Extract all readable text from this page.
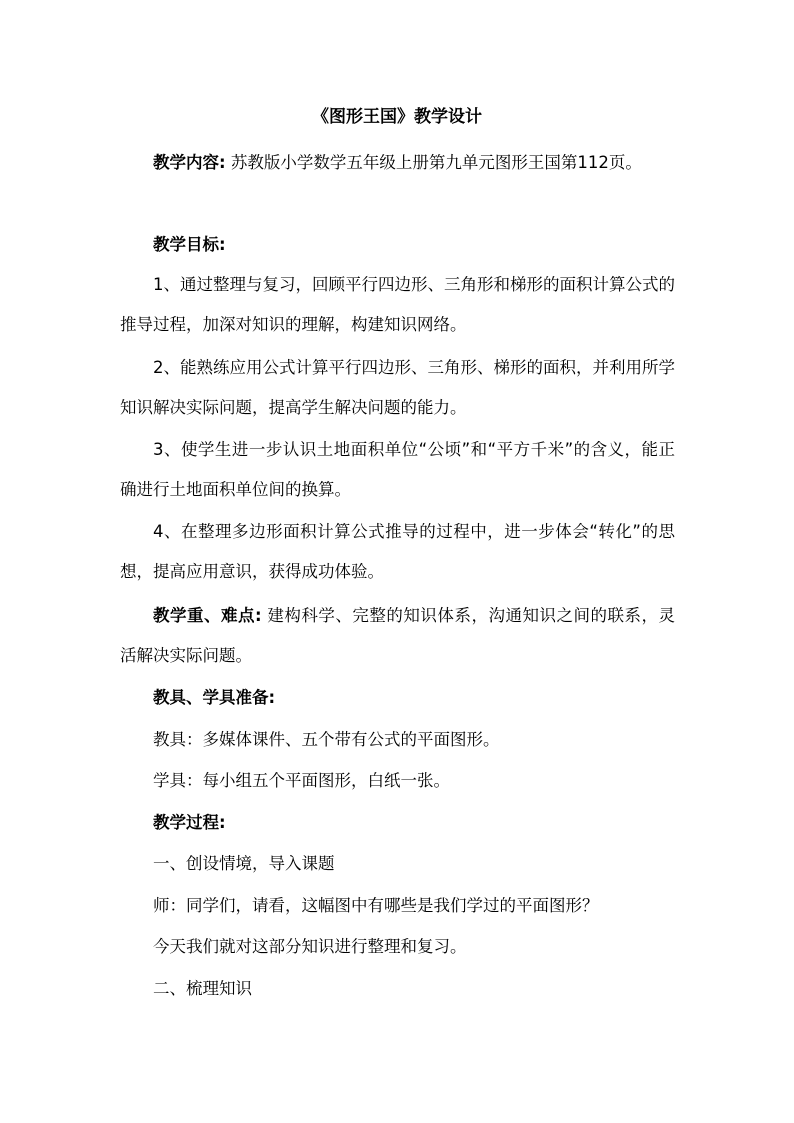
《图形王国》教学设计

教学内容: 苏教版小学数学五年级上册第九单元图形王国第112页。

教学目标:

1、通过整理与复习，回顾平行四边形、三角形和梯形的面积计算公式的推导过程，加深对知识的理解，构建知识网络。

2、能熟练应用公式计算平行四边形、三角形、梯形的面积，并利用所学知识解决实际问题，提高学生解决问题的能力。

3、使学生进一步认识土地面积单位“公顷”和“平方千米”的含义，能正确进行土地面积单位间的换算。

4、在整理多边形面积计算公式推导的过程中，进一步体会“转化”的思想，提高应用意识，获得成功体验。

教学重、难点: 建构科学、完整的知识体系，沟通知识之间的联系，灵活解决实际问题。

教具、学具准备:

教具：多媒体课件、五个带有公式的平面图形。

学具：每小组五个平面图形，白纸一张。

教学过程:

一、创设情境，导入课题

师：同学们，请看，这幅图中有哪些是我们学过的平面图形？

今天我们就对这部分知识进行整理和复习。

二、梳理知识
